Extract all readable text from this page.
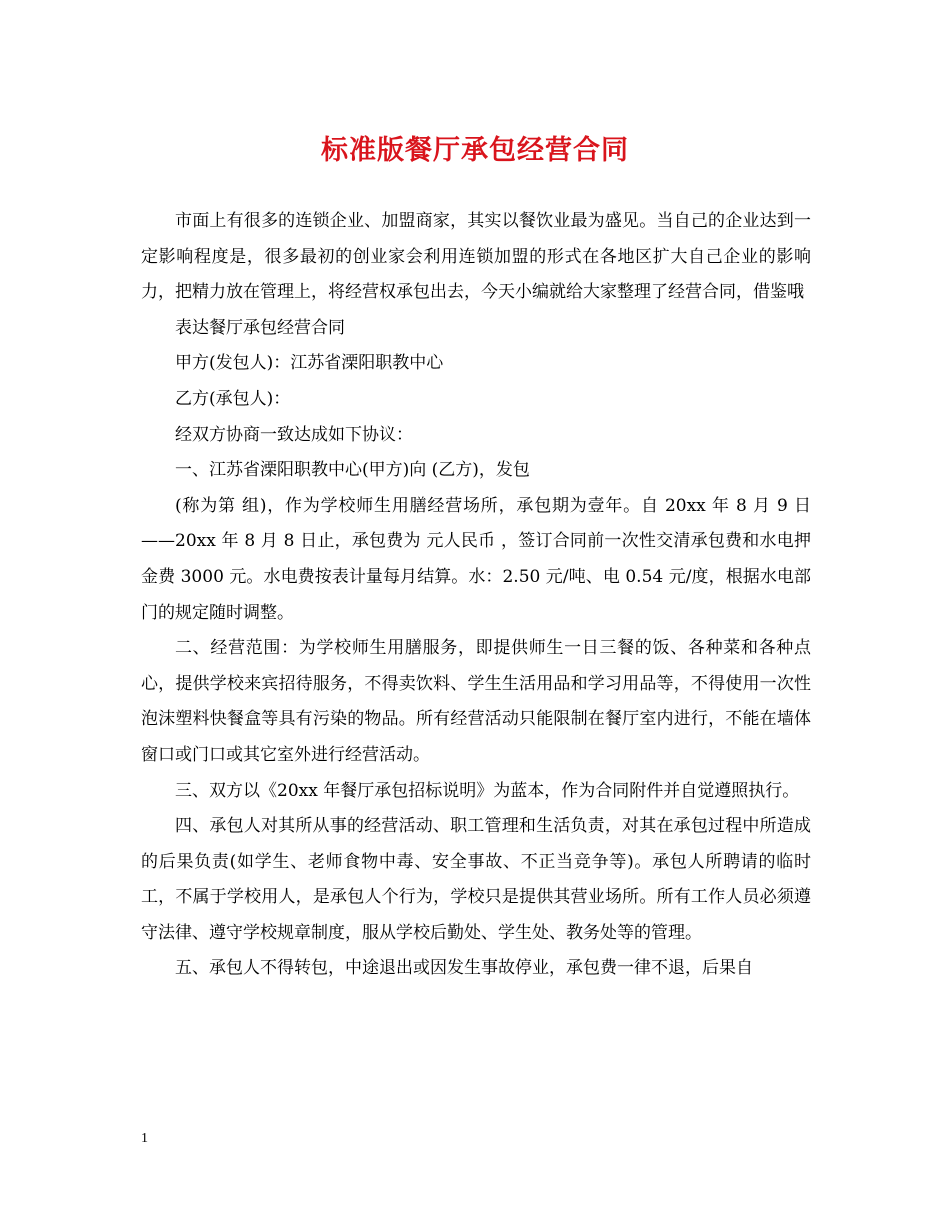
标准版餐厅承包经营合同

市面上有很多的连锁企业、加盟商家，其实以餐饮业最为盛见。当自己的企业达到一定影响程度是，很多最初的创业家会利用连锁加盟的形式在各地区扩大自己企业的影响力，把精力放在管理上，将经营权承包出去，今天小编就给大家整理了经营合同，借鉴哦

表达餐厅承包经营合同

甲方(发包人)：江苏省溧阳职教中心

乙方(承包人)：

经双方协商一致达成如下协议：

一、江苏省溧阳职教中心(甲方)向 (乙方)，发包

(称为第 组)，作为学校师生用膳经营场所，承包期为壹年。自 20xx 年 8 月 9 日——20xx 年 8 月 8 日止，承包费为 元人民币 ，签订合同前一次性交清承包费和水电押金费 3000 元。水电费按表计量每月结算。水：2.50 元/吨、电 0.54 元/度，根据水电部门的规定随时调整。

二、经营范围：为学校师生用膳服务，即提供师生一日三餐的饭、各种菜和各种点心，提供学校来宾招待服务，不得卖饮料、学生生活用品和学习用品等，不得使用一次性泡沫塑料快餐盒等具有污染的物品。所有经营活动只能限制在餐厅室内进行，不能在墙体窗口或门口或其它室外进行经营活动。

三、双方以《20xx 年餐厅承包招标说明》为蓝本，作为合同附件并自觉遵照执行。

四、承包人对其所从事的经营活动、职工管理和生活负责，对其在承包过程中所造成的后果负责(如学生、老师食物中毒、安全事故、不正当竞争等)。承包人所聘请的临时工，不属于学校用人，是承包人个行为，学校只是提供其营业场所。所有工作人员必须遵守法律、遵守学校规章制度，服从学校后勤处、学生处、教务处等的管理。

五、承包人不得转包，中途退出或因发生事故停业，承包费一律不退，后果自

1
